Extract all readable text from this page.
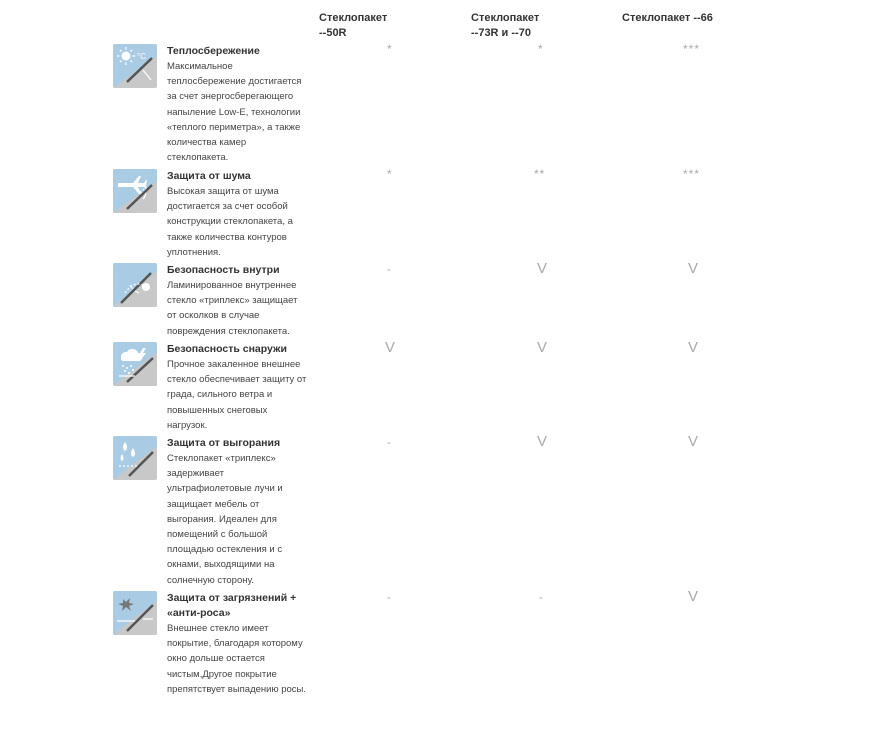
Стеклопакет
--50R
Стеклопакет
--73R и --70
Стеклопакет --66
°C Теплосбережение
Максимальное теплосбережение достигается за счет энергосберегающего напыление Low-E, технологии «теплого периметра», а также количества камер стеклопакета.
*	*	***
Защита от шума
Высокая защита от шума достигается за счет особой конструкции стеклопакета, а также количества контуров уплотнения.
*	**	***
Безопасность внутри
Ламинированное внутреннее стекло «триплекс» защищает от осколков в случае повреждения стеклопакета.
-	V	V
Безопасность снаружи
Прочное закаленное внешнее стекло обеспечивает защиту от града, сильного ветра и повышенных снеговых нагрузок.
V	V	V
Защита от выгорания
Стеклопакет «триплекс» задерживает ультрафиолетовые лучи и защищает мебель от выгорания. Идеален для помещений с большой площадью остекления и с окнами, выходящими на солнечную сторону.
-	V	V
Защита от загрязнений + «анти-роса»
Внешнее стекло имеет покрытие, благодаря которому окно дольше остается чистым,Другое покрытие препятствует выпадению росы.
-	-	V
